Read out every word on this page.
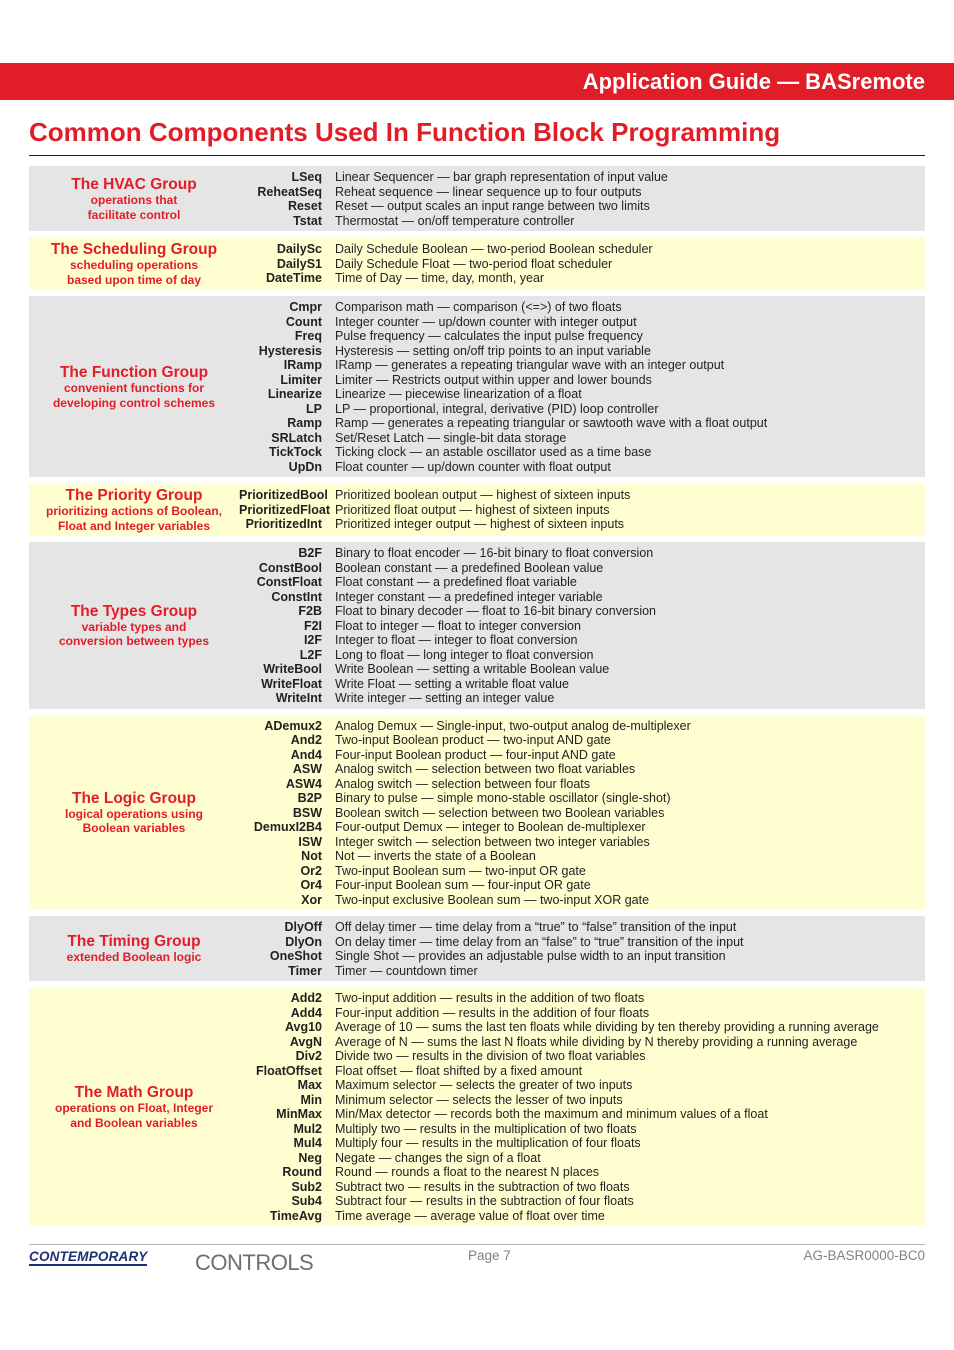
Application Guide — BASremote
Common Components Used In Function Block Programming
The HVAC Group
operations that
facilitate control
LSeq	Linear Sequencer — bar graph representation of input value
ReheatSeq	Reheat sequence — linear sequence up to four outputs
Reset	Reset — output scales an input range between two limits
Tstat	Thermostat — on/off temperature controller
The Scheduling Group
scheduling operations
based upon time of day
DailySc	Daily Schedule Boolean — two-period Boolean scheduler
DailyS1	Daily Schedule Float — two-period float scheduler
DateTime	Time of Day — time, day, month, year
The Function Group
convenient functions for
developing control schemes
Cmpr	Comparison math — comparison (<=>) of two floats
Count	Integer counter — up/down counter with integer output
Freq	Pulse frequency — calculates the input pulse frequency
Hysteresis	Hysteresis — setting on/off trip points to an input variable
IRamp	IRamp — generates a repeating triangular wave with an integer output
Limiter	Limiter — Restricts output within upper and lower bounds
Linearize	Linearize — piecewise linearization of a float
LP	LP — proportional, integral, derivative (PID) loop controller
Ramp	Ramp — generates a repeating triangular or sawtooth wave with a float output
SRLatch	Set/Reset Latch — single-bit data storage
TickTock	Ticking clock — an astable oscillator used as a time base
UpDn	Float counter — up/down counter with float output
The Priority Group
prioritizing actions of Boolean,
Float and Integer variables
PrioritizedBool Prioritized boolean output — highest of sixteen inputs
PrioritizedFloat Prioritized float output — highest of sixteen inputs
PrioritizedInt	Prioritized integer output — highest of sixteen inputs
The Types Group
variable types and
conversion between types
B2F	Binary to float encoder — 16-bit binary to float conversion
ConstBool	Boolean constant — a predefined Boolean value
ConstFloat	Float constant — a predefined float variable
ConstInt	Integer constant — a predefined integer variable
F2B	Float to binary decoder — float to 16-bit binary conversion
F2I	Float to integer — float to integer conversion
I2F	Integer to float — integer to float conversion
L2F	Long to float — long integer to float conversion
WriteBool	Write Boolean — setting a writable Boolean value
WriteFloat	Write Float — setting a writable float value
WriteInt	Write integer — setting an integer value
The Logic Group
logical operations using
Boolean variables
ADemux2	Analog Demux — Single-input, two-output analog de-multiplexer
And2	Two-input Boolean product — two-input AND gate
And4	Four-input Boolean product — four-input AND gate
ASW	Analog switch — selection between two float variables
ASW4	Analog switch — selection between four floats
B2P	Binary to pulse — simple mono-stable oscillator (single-shot)
BSW	Boolean switch — selection between two Boolean variables
DemuxI2B4	Four-output Demux — integer to Boolean de-multiplexer
ISW	Integer switch — selection between two integer variables
Not	Not — inverts the state of a Boolean
Or2	Two-input Boolean sum — two-input OR gate
Or4	Four-input Boolean sum — four-input OR gate
Xor	Two-input exclusive Boolean sum — two-input XOR gate
The Timing Group
extended Boolean logic
DlyOff	Off delay timer — time delay from a “true” to “false” transition of the input
DlyOn	On delay timer — time delay from an “false” to “true” transition of the input
OneShot	Single Shot — provides an adjustable pulse width to an input transition
Timer	Timer — countdown timer
The Math Group
operations on Float, Integer
and Boolean variables
Add2	Two-input addition — results in the addition of two floats
Add4	Four-input addition — results in the addition of four floats
Avg10	Average of 10 — sums the last ten floats while dividing by ten thereby providing a running average
AvgN	Average of N — sums the last N floats while dividing by N thereby providing a running average
Div2	Divide two — results in the division of two float variables
FloatOffset	Float offset — float shifted by a fixed amount
Max	Maximum selector — selects the greater of two inputs
Min	Minimum selector — selects the lesser of two inputs
MinMax	Min/Max detector — records both the maximum and minimum values of a float
Mul2	Multiply two — results in the multiplication of two floats
Mul4	Multiply four — results in the multiplication of four floats
Neg	Negate — changes the sign of a float
Round	Round — rounds a float to the nearest N places
Sub2	Subtract two — results in the subtraction of two floats
Sub4	Subtract four — results in the subtraction of four floats
TimeAvg	Time average — average value of float over time
CONTEMPORARY CONTROLS	Page 7	AG-BASR0000-BC0
